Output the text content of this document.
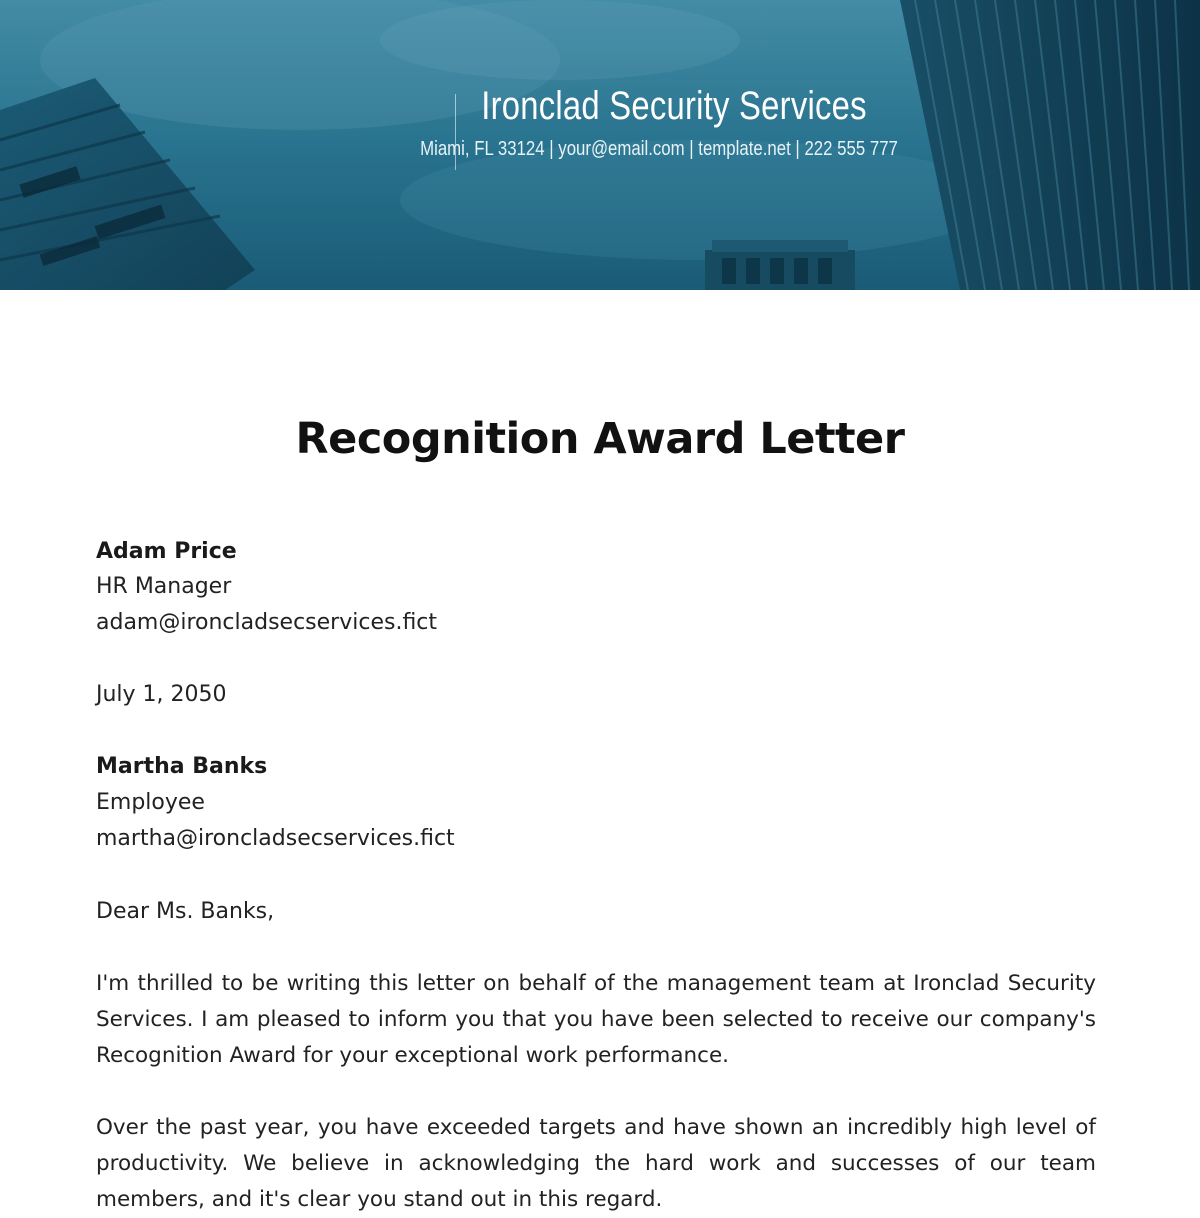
Ironclad Security Services
Miami, FL 33124 | your@email.com | template.net | 222 555 777
Recognition Award Letter
Adam Price
HR Manager
adam@ironcladsecservices.fict
July 1, 2050
Martha Banks
Employee
martha@ironcladsecservices.fict
Dear Ms. Banks,
I'm thrilled to be writing this letter on behalf of the management team at Ironclad Security Services. I am pleased to inform you that you have been selected to receive our company's Recognition Award for your exceptional work performance.
Over the past year, you have exceeded targets and have shown an incredibly high level of productivity. We believe in acknowledging the hard work and successes of our team members, and it's clear you stand out in this regard.
